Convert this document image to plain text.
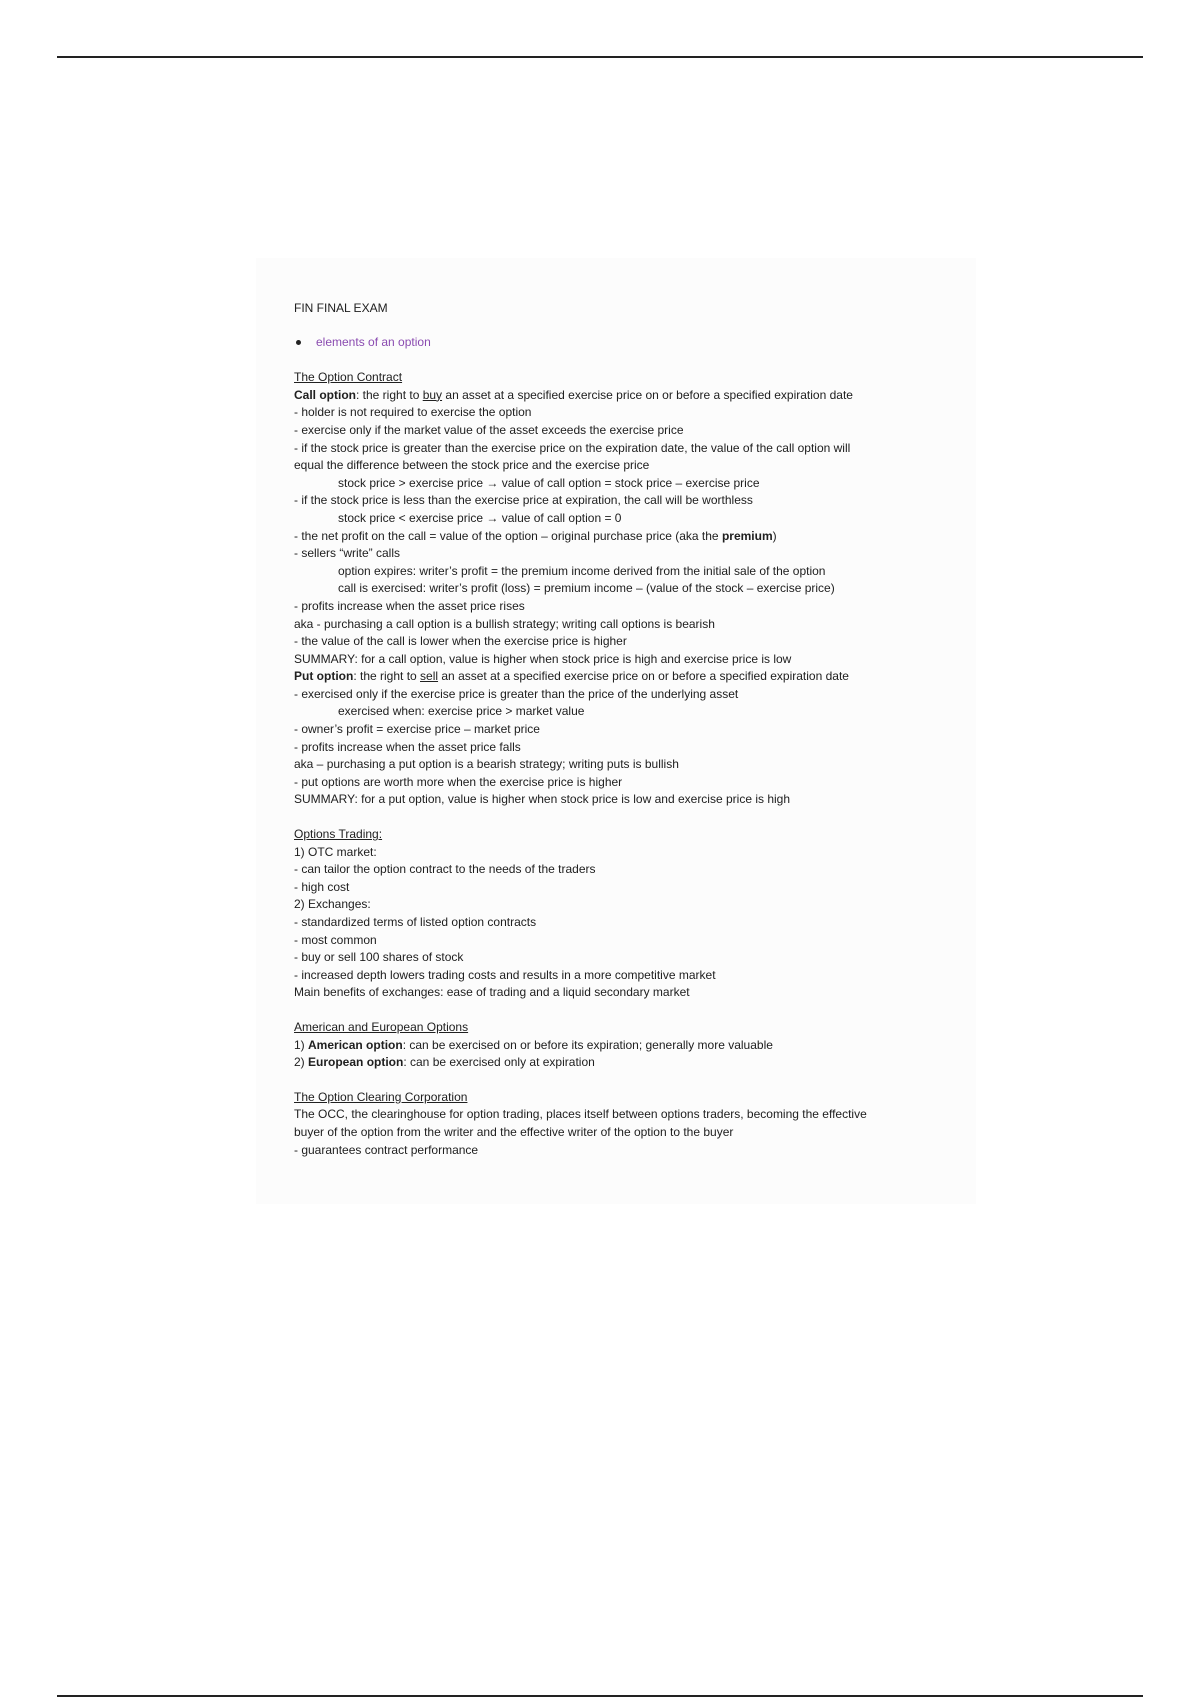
FIN FINAL EXAM
elements of an option
The Option Contract
Call option: the right to buy an asset at a specified exercise price on or before a specified expiration date
- holder is not required to exercise the option
- exercise only if the market value of the asset exceeds the exercise price
- if the stock price is greater than the exercise price on the expiration date, the value of the call option will
equal the difference between the stock price and the exercise price
stock price > exercise price → value of call option = stock price – exercise price
- if the stock price is less than the exercise price at expiration, the call will be worthless
stock price < exercise price → value of call option = 0
- the net profit on the call = value of the option – original purchase price (aka the premium)
- sellers “write” calls
option expires: writer’s profit = the premium income derived from the initial sale of the option
call is exercised: writer’s profit (loss) = premium income – (value of the stock – exercise price)
- profits increase when the asset price rises
aka - purchasing a call option is a bullish strategy; writing call options is bearish
- the value of the call is lower when the exercise price is higher
SUMMARY: for a call option, value is higher when stock price is high and exercise price is low
Put option: the right to sell an asset at a specified exercise price on or before a specified expiration date
- exercised only if the exercise price is greater than the price of the underlying asset
exercised when: exercise price > market value
- owner’s profit = exercise price – market price
- profits increase when the asset price falls
aka – purchasing a put option is a bearish strategy; writing puts is bullish
- put options are worth more when the exercise price is higher
SUMMARY: for a put option, value is higher when stock price is low and exercise price is high
Options Trading:
1) OTC market:
- can tailor the option contract to the needs of the traders
- high cost
2) Exchanges:
- standardized terms of listed option contracts
- most common
- buy or sell 100 shares of stock
- increased depth lowers trading costs and results in a more competitive market
Main benefits of exchanges: ease of trading and a liquid secondary market
American and European Options
1) American option: can be exercised on or before its expiration; generally more valuable
2) European option: can be exercised only at expiration
The Option Clearing Corporation
The OCC, the clearinghouse for option trading, places itself between options traders, becoming the effective
buyer of the option from the writer and the effective writer of the option to the buyer
- guarantees contract performance
